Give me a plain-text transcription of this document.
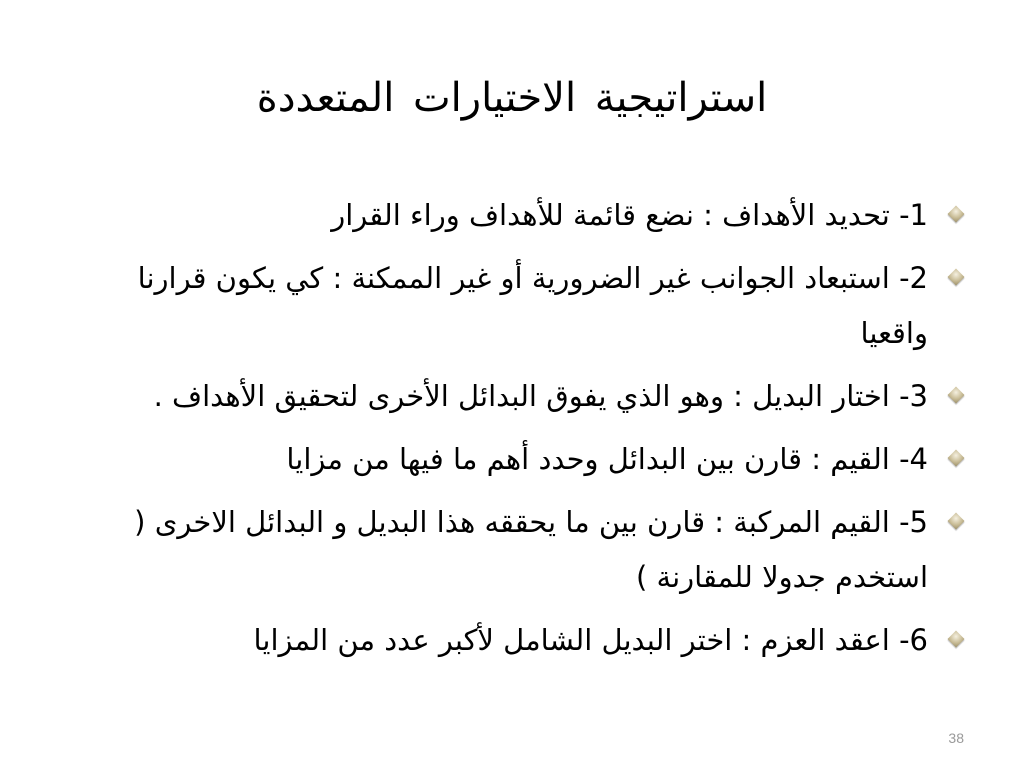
استراتيجية الاختيارات المتعددة
1- تحديد الأهداف : نضع قائمة للأهداف وراء القرار
2- استبعاد الجوانب غير الضرورية أو غير الممكنة : كي يكون قرارنا واقعيا
3- اختار البديل : وهو الذي يفوق البدائل الأخرى لتحقيق الأهداف .
4- القيم : قارن بين البدائل وحدد أهم ما فيها من مزايا
5- القيم المركبة : قارن بين ما يحققه هذا البديل و البدائل الاخرى ( استخدم جدولا للمقارنة )
6- اعقد العزم : اختر البديل الشامل لأكبر عدد من المزايا
38
